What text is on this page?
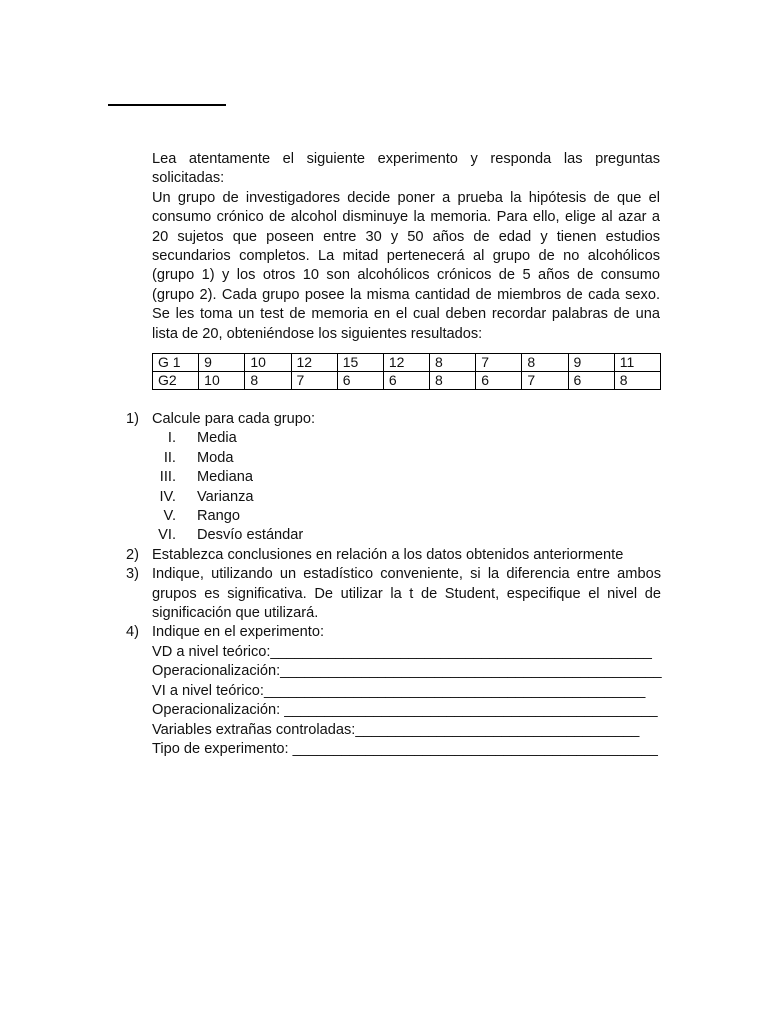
Lea atentamente el siguiente experimento y responda las preguntas solicitadas:

Un grupo de investigadores decide poner a prueba la hipótesis de que el consumo crónico de alcohol disminuye la memoria. Para ello, elige al azar a 20 sujetos que poseen entre 30 y 50 años de edad y tienen estudios secundarios completos. La mitad pertenecerá al grupo de no alcohólicos (grupo 1) y los otros 10 son alcohólicos crónicos de 5 años de consumo (grupo 2). Cada grupo posee la misma cantidad de miembros de cada sexo. Se les toma un test de memoria en el cual deben recordar palabras de una lista de 20, obteniéndose los siguientes resultados:

G 1	9	10	12	15	12	8	7	8	9	11
G2	10	8	7	6	6	8	6	7	6	8
1) Calcule para cada grupo:
I. Media
II. Moda
III. Mediana
IV. Varianza
V. Rango
VI. Desvío estándar
2) Establezca conclusiones en relación a los datos obtenidos anteriormente
3) Indique, utilizando un estadístico conveniente, si la diferencia entre ambos grupos es significativa. De utilizar la t de Student, especifique el nivel de significación que utilizará.
4) Indique en el experimento:
VD a nivel teórico:_______________________________________________
Operacionalización:_______________________________________________
VI a nivel teórico:_______________________________________________
Operacionalización: ______________________________________________
Variables extrañas controladas:___________________________________
Tipo de experimento: _____________________________________________
